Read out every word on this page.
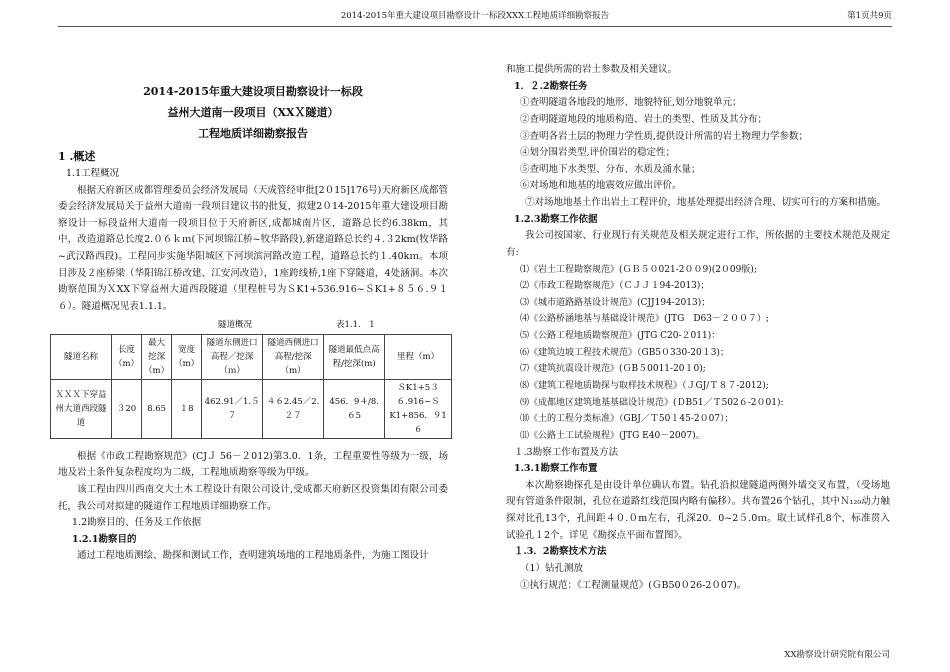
2014-2015年重大建设项目勘察设计一标段XXX工程地质详细勘察报告	第1页共9页
2014-2015年重大建设项目勘察设计一标段
益州大道南一段项目（XXＸ隧道）
工程地质详细勘察报告
1 .概述
1.1工程概况
根据天府新区成都管理委员会经济发展局（天成管经审批[2０15]176号)天府新区成都管委会经济发展局关于益州大道南一段项目建议书的批复，拟建2０14-2015年重大建设项目勘察设计一标段益州大道南一段项目位于天府新区,成都城南片区，道路总长约6.38km，其中，改造道路总长度2.０６ｋｍ(下河坝锦江桥~牧华路段),新建道路总长约４.３2km(牧华路~武汉路西段)。工程同步实施华阳城区下河坝滨河路改造工程，道路总长约１.40kｍ。本项目涉及２座桥梁（华阳锦江桥改建、江安河改造），1座跨线桥,1座下穿隧道，4处涵洞。本次勘察范围为ＸXX下穿益州大道西段隧道（里程桩号为ＳK1+536.916~ＳK1+８５６.９１６）。隧道概况见表1.1.1。
隧道概况	表1.1.　1
隧道名称	长度（m）	最大挖深（m）	宽度（m）	隧道东侧进口高程／挖深（ｍ）	隧道西侧进口高程/挖深（m）	隧道最低点高程/挖深(m)	里程（m）
ＸＸＸ下穿益州大道西段隧道	３20	8.65	１8	462.91／1.５７	４６2.45／2.２７	456．9４/8.６5	ＳK1+5３６.916~ＳK1+856．９1６
根据《市政工程勘察规范》(CJＪ 56－２012)第3.0．1条，工程重要性等级为一级，场地及岩土条件复杂程度均为二级，工程地质勘察等级为甲级。
该工程由四川西南交大土木工程设计有限公司设计,受成都天府新区投资集团有限公司委托，我公司对拟建的隧道作工程地质详细勘察工作。
1.2勘察目的、任务及工作依据
1.2.1勘察目的
通过工程地质测绘、勘探和测试工作，查明建筑场地的工程地质条件，为施工图设计
和施工提供所需的岩土参数及相关建议。
1．２.2勘察任务
①查明隧道各地段的地形、地貌特征,划分地貌单元；
②查明隧道地段的地质构造、岩土的类型、性质及其分布；
③查明各岩土层的物理力学性质,提供设计所需的岩土物理力学参数；
④划分围岩类型,评价围岩的稳定性；
⑤查明地下水类型、分布、水质及涌水量；
⑥对场地和地基的地震效应做出评价。
⑦对场地地基土作出岩土工程评价，地基处理提出经济合理、切实可行的方案和措施。
1.2.3勘察工作依据
我公司按国家、行业现行有关规范及相关规定进行工作，所依据的主要技术规范及规定有:
⑴《岩土工程勘察规范》(ＧＢ５０021-2００9)(2０09版);
⑵《市政工程勘察规范》（ＣＪＪ１94-2013)；
⑶《城市道路路基设计规范》(CJJ194-2013)；
⑷《公路桥涵地基与基础设计规范》(JTG　D63－２００７）;
⑸《公路工程地质勘察规范》(JTG C20-２011)：
⑹《建筑边坡工程技术规范》（GB5０330-20１3)；
⑺《建筑抗震设计规范》(ＧB５0011-20１0);
⑻《建筑工程地质勘探与取样技术规程》（ＪGJ/Ｔ８７-2012);
⑼《成都地区建筑地基基础设计规范》(ＤB51／Ｔ502６-2０01):
⑽《土的工程分类标准》（GBJ／Ｔ50１45-2０07）；
⑾《公路土工试验规程》(JTG E40－2007)。
１.3勘察工作布置及方法
1.3.1勘察工作布置
本次勘察勘探孔是由设计单位确认布置。钻孔沿拟建隧道两侧外墙交叉布置，（受场地现有管道条件限制，孔位在道路红线范围内略有偏移）。共布置26个钻孔，其中Ｎ₁₂₀动力触探对比孔13个，孔间距４０.０m左右，孔深20．0~2５.0ｍ。取土试样孔8个，标准贯入试验孔１2个。详见《勘探点平面布置图》。
１.3．2勘察技术方法
（1）钻孔测放
①执行规范：《工程测量规范》(ＧB50０26-2０07)。
XX勘察设计研究院有限公司
